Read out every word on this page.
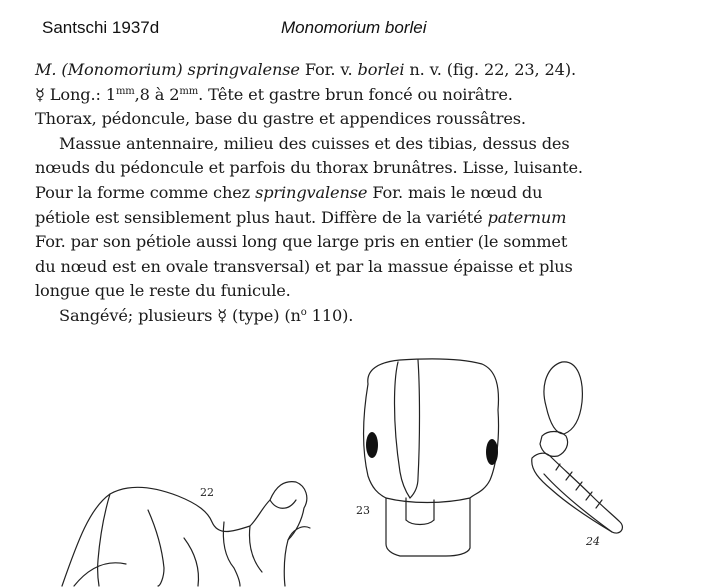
Santschi 1937d	Monomorium borlei
M. (Monomorium) springvalense For. v. borlei n. v. (fig. 22, 23, 24).
☿ Long.: $1^{mm},8$ à $2^{mm}$. Tête et gastre brun foncé ou noirâtre.
Thorax, pédoncule, base du gastre et appendices roussâtres.
Massue antennaire, milieu des cuisses et des tibias, dessus des
nœuds du pédoncule et parfois du thorax brunâtres. Lisse, luisante.
Pour la forme comme chez springvalense For. mais le nœud du
pétiole est sensiblement plus haut. Diffère de la variété paternum
For. par son pétiole aussi long que large pris en entier (le sommet
du nœud est en ovale transversal) et par la massue épaisse et plus
longue que le reste du funicule.
Sangévé; plusieurs ☿ (type) ($n^o$ 110).
22
23
24
